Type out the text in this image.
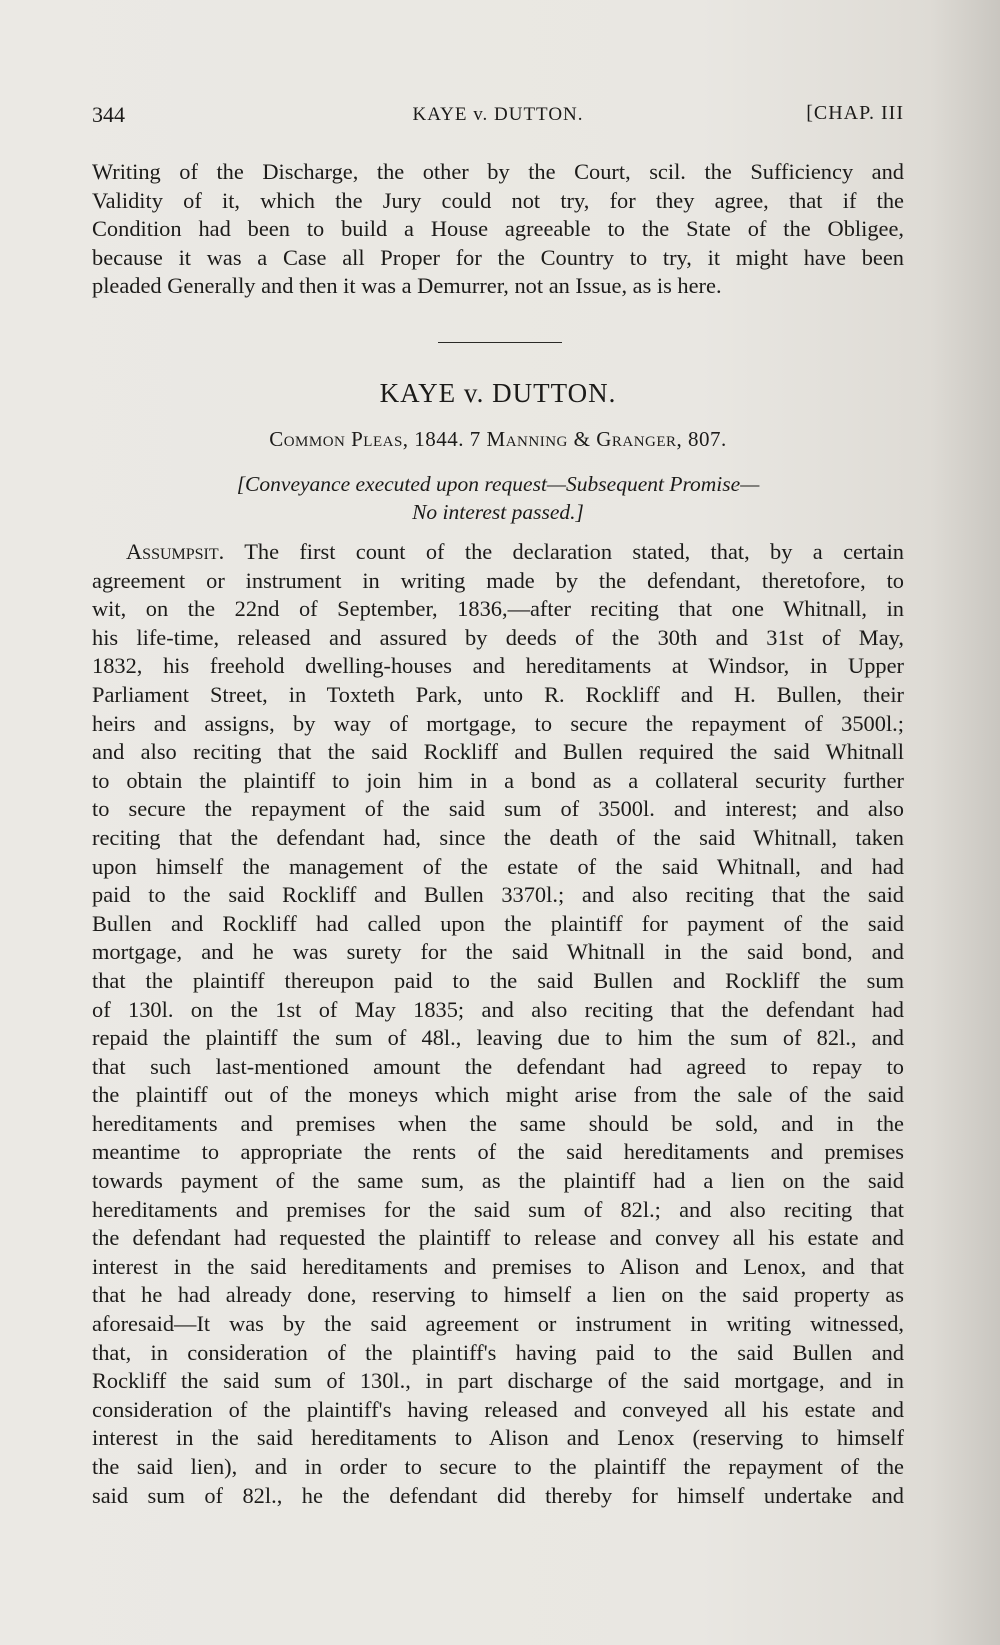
344	KAYE v. DUTTON.	[CHAP. III

Writing of the Discharge, the other by the Court, scil. the Sufficiency and

Validity of it, which the Jury could not try, for they agree, that if the

Condition had been to build a House agreeable to the State of the Obligee,

because it was a Case all Proper for the Country to try, it might have been

pleaded Generally and then it was a Demurrer, not an Issue, as is here.

KAYE v. DUTTON.
Common Pleas, 1844. 7 Manning & Granger, 807.
[Conveyance executed upon request—Subsequent Promise—
No interest passed.]

Assumpsit. The first count of the declaration stated, that, by a certain

agreement or instrument in writing made by the defendant, theretofore, to

wit, on the 22nd of September, 1836,—after reciting that one Whitnall, in

his life-time, released and assured by deeds of the 30th and 31st of May,

1832, his freehold dwelling-houses and hereditaments at Windsor, in Upper

Parliament Street, in Toxteth Park, unto R. Rockliff and H. Bullen, their

heirs and assigns, by way of mortgage, to secure the repayment of 3500l.;

and also reciting that the said Rockliff and Bullen required the said Whitnall

to obtain the plaintiff to join him in a bond as a collateral security further

to secure the repayment of the said sum of 3500l. and interest; and also

reciting that the defendant had, since the death of the said Whitnall, taken

upon himself the management of the estate of the said Whitnall, and had

paid to the said Rockliff and Bullen 3370l.; and also reciting that the said

Bullen and Rockliff had called upon the plaintiff for payment of the said

mortgage, and he was surety for the said Whitnall in the said bond, and

that the plaintiff thereupon paid to the said Bullen and Rockliff the sum

of 130l. on the 1st of May 1835; and also reciting that the defendant had

repaid the plaintiff the sum of 48l., leaving due to him the sum of 82l., and

that such last-mentioned amount the defendant had agreed to repay to

the plaintiff out of the moneys which might arise from the sale of the said

hereditaments and premises when the same should be sold, and in the

meantime to appropriate the rents of the said hereditaments and premises

towards payment of the same sum, as the plaintiff had a lien on the said

hereditaments and premises for the said sum of 82l.; and also reciting that

the defendant had requested the plaintiff to release and convey all his estate and

interest in the said hereditaments and premises to Alison and Lenox, and that

that he had already done, reserving to himself a lien on the said property as

aforesaid—It was by the said agreement or instrument in writing witnessed,

that, in consideration of the plaintiff's having paid to the said Bullen and

Rockliff the said sum of 130l., in part discharge of the said mortgage, and in

consideration of the plaintiff's having released and conveyed all his estate and

interest in the said hereditaments to Alison and Lenox (reserving to himself

the said lien), and in order to secure to the plaintiff the repayment of the

said sum of 82l., he the defendant did thereby for himself undertake and
